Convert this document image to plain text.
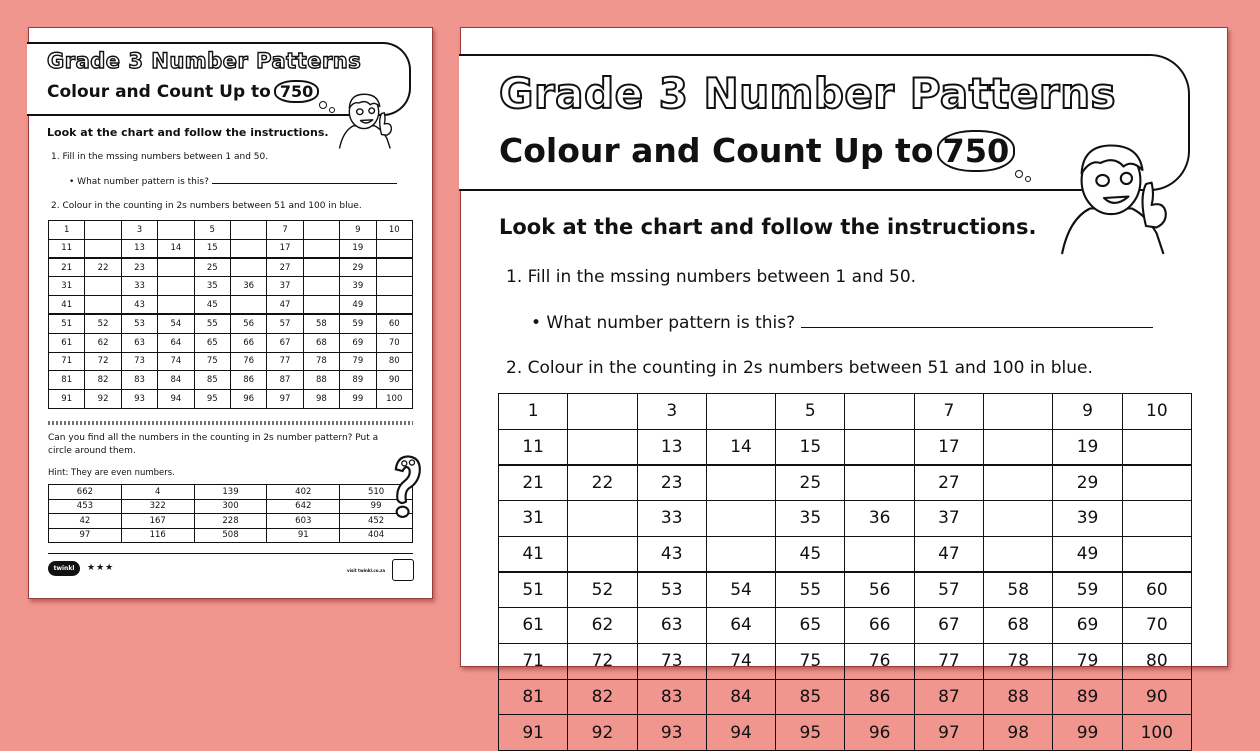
Grade 3 Number Patterns
Colour and Count Up to 750
Look at the chart and follow the instructions.
1. Fill in the mssing numbers between 1 and 50.
• What number pattern is this?
2. Colour in the counting in 2s numbers between 51 and 100 in blue.
1		3		5		7		9	10
11		13	14	15		17		19	
21	22	23		25		27		29	
31		33		35	36	37		39	
41		43		45		47		49	
51	52	53	54	55	56	57	58	59	60
61	62	63	64	65	66	67	68	69	70
71	72	73	74	75	76	77	78	79	80
81	82	83	84	85	86	87	88	89	90
91	92	93	94	95	96	97	98	99	100
Can you find all the numbers in the counting in 2s number pattern? Put a circle around them.
Hint: They are even numbers.
662	4	139	402	510
453	322	300	642	99
42	167	228	603	452
97	116	508	91	404
twinkl	★★★	visit twinkl.co.za
Grade 3 Number Patterns
Colour and Count Up to 750
Look at the chart and follow the instructions.
1. Fill in the mssing numbers between 1 and 50.
• What number pattern is this?
2. Colour in the counting in 2s numbers between 51 and 100 in blue.
1		3		5		7		9	10
11		13	14	15		17		19	
21	22	23		25		27		29	
31		33		35	36	37		39	
41		43		45		47		49	
51	52	53	54	55	56	57	58	59	60
61	62	63	64	65	66	67	68	69	70
71	72	73	74	75	76	77	78	79	80
81	82	83	84	85	86	87	88	89	90
91	92	93	94	95	96	97	98	99	100
